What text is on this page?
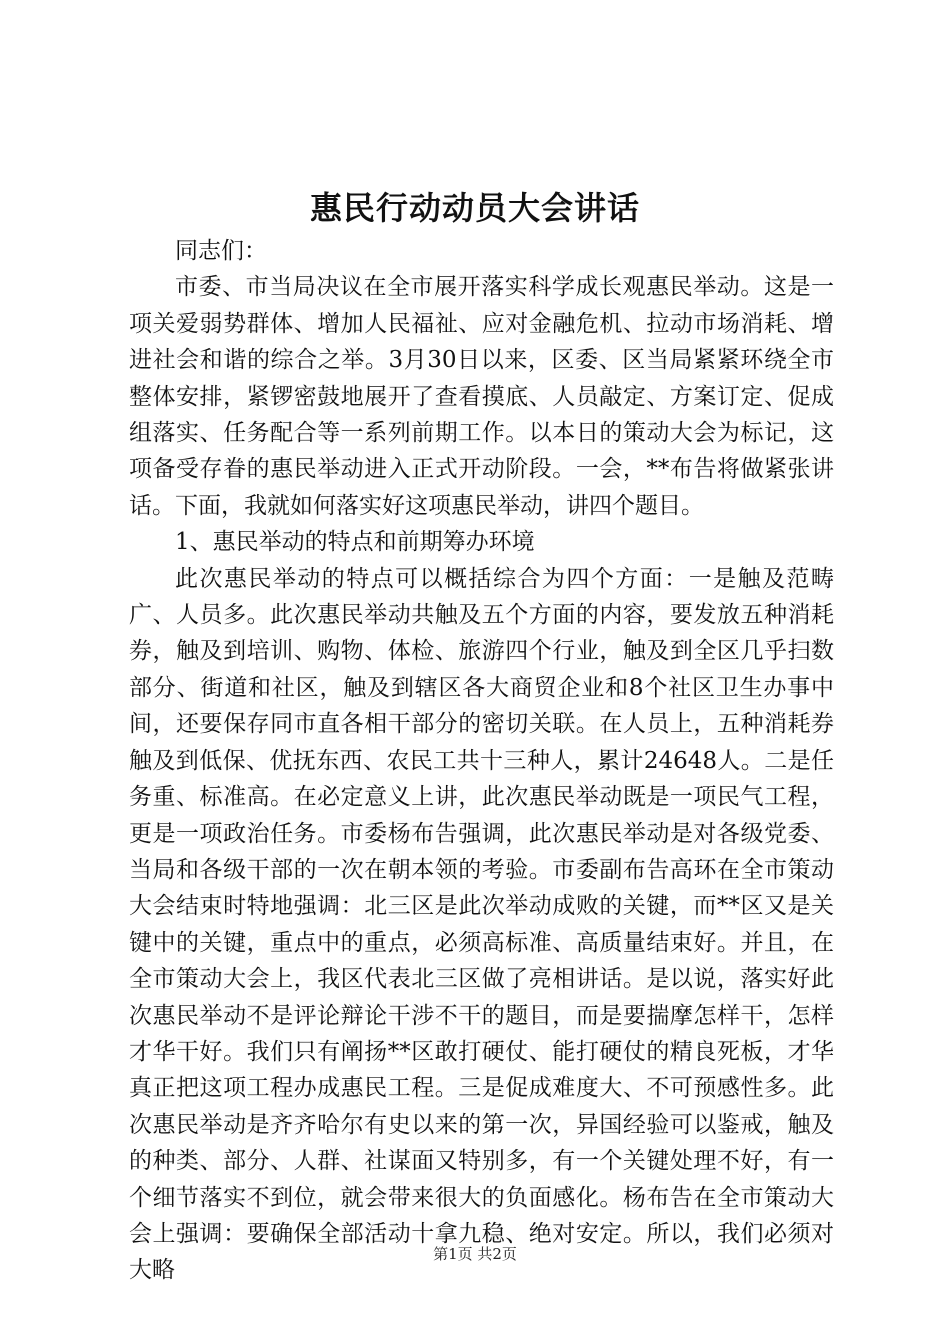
惠民行动动员大会讲话

同志们：

市委、市当局决议在全市展开落实科学成长观惠民举动。这是一项关爱弱势群体、增加人民福祉、应对金融危机、拉动市场消耗、增进社会和谐的综合之举。3月30日以来，区委、区当局紧紧环绕全市整体安排，紧锣密鼓地展开了查看摸底、人员敲定、方案订定、促成组落实、任务配合等一系列前期工作。以本日的策动大会为标记，这项备受存眷的惠民举动进入正式开动阶段。一会，**布告将做紧张讲话。下面，我就如何落实好这项惠民举动，讲四个题目。

1、惠民举动的特点和前期筹办环境

此次惠民举动的特点可以概括综合为四个方面：一是触及范畴广、人员多。此次惠民举动共触及五个方面的内容，要发放五种消耗券，触及到培训、购物、体检、旅游四个行业，触及到全区几乎扫数部分、街道和社区，触及到辖区各大商贸企业和8个社区卫生办事中间，还要保存同市直各相干部分的密切关联。在人员上，五种消耗券触及到低保、优抚东西、农民工共十三种人，累计24648人。二是任务重、标准高。在必定意义上讲，此次惠民举动既是一项民气工程，更是一项政治任务。市委杨布告强调，此次惠民举动是对各级党委、当局和各级干部的一次在朝本领的考验。市委副布告高环在全市策动大会结束时特地强调：北三区是此次举动成败的关键，而**区又是关键中的关键，重点中的重点，必须高标准、高质量结束好。并且，在全市策动大会上，我区代表北三区做了亮相讲话。是以说，落实好此次惠民举动不是评论辩论干涉不干的题目，而是要揣摩怎样干，怎样才华干好。我们只有阐扬**区敢打硬仗、能打硬仗的精良死板，才华真正把这项工程办成惠民工程。三是促成难度大、不可预感性多。此次惠民举动是齐齐哈尔有史以来的第一次，异国经验可以鉴戒，触及的种类、部分、人群、社谋面又特别多，有一个关键处理不好，有一个细节落实不到位，就会带来很大的负面感化。杨布告在全市策动大会上强调：要确保全部活动十拿九稳、绝对安定。所以，我们必须对大略

第1页 共2页
